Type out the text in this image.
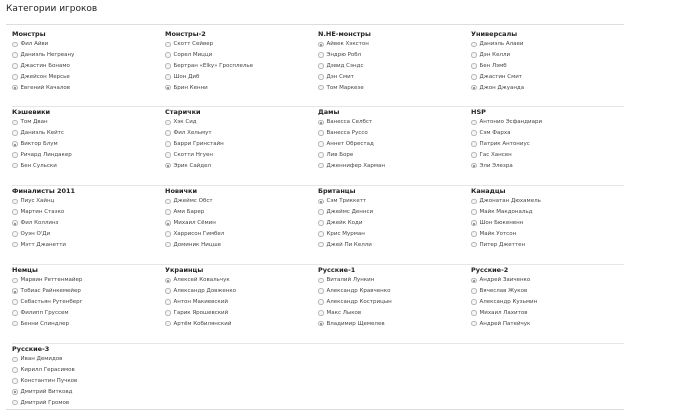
Категории игроков
Монстры
Фил Айви
Даниэль Негреану
Джастин Бонамо
Джейсон Мерсье
Евгений Качалов
Монстры-2
Скотт Сейвер
Сорел Мицци
Бертран «Elky» Гросплелье
Шон Диб
Брин Кенни
N.HE-монстры
Айвек Хэкстон
Эндрю Робл
Дэвид Сэндс
Дэн Смит
Том Маркезе
Универсалы
Даниэль Алаеи
Дэн Келли
Бен Лэмб
Джастин Смит
Джон Джуанда
Кэшевики
Том Дван
Даниэль Кейтс
Виктор Блум
Ричард Линдакер
Бен Сульски
Старички
Хэк Сид
Фил Хельмут
Барри Гринстайн
Скотти Нгуен
Эрик Сайдел
Дамы
Ванесса Селбст
Ванесса Руссо
Аннет Обрестад
Лив Боре
Дженнифер Харман
HSP
Антонио Эсфандиари
Сэм Фарха
Патрик Антониус
Гас Хансен
Эли Элезра
Финалисты 2011
Пиус Хайнц
Мартин Стазко
Фил Коллинз
Оуэн О'Ди
Мэтт Джанетти
Новички
Джеймс Обст
Ами Барер
Михаил Сёмин
Харрисон Гимбел
Доминик Ницше
Британцы
Сэм Триккетт
Джеймс Деннси
Джейк Коди
Крис Мурман
Джей Пи Келли
Канадцы
Джонатан Дюхамель
Майк Макдональд
Шон Бюкененн
Майк Уотсон
Питер Джеттен
Немцы
Марвин Реттенмайер
Тобиас Райнкемейер
Себастьян Рутенберг
Филипп Груссем
Бенни Спиндлер
Украинцы
Алексей Ковальчук
Александр Довженко
Антон Макиевский
Гарик Ярошевский
Артём Кобилянский
Русские-1
Виталий Лункин
Александр Кравченко
Александр Кострицын
Макс Лыков
Владимир Щемелев
Русские-2
Андрей Заиченко
Вячеслав Жуков
Александр Кузьмин
Михаил Лахитов
Андрей Патейчук
Русские-3
Иван Демидов
Кирилл Герасимов
Константин Пучков
Дмитрий Витковд
Дмитрий Громов
